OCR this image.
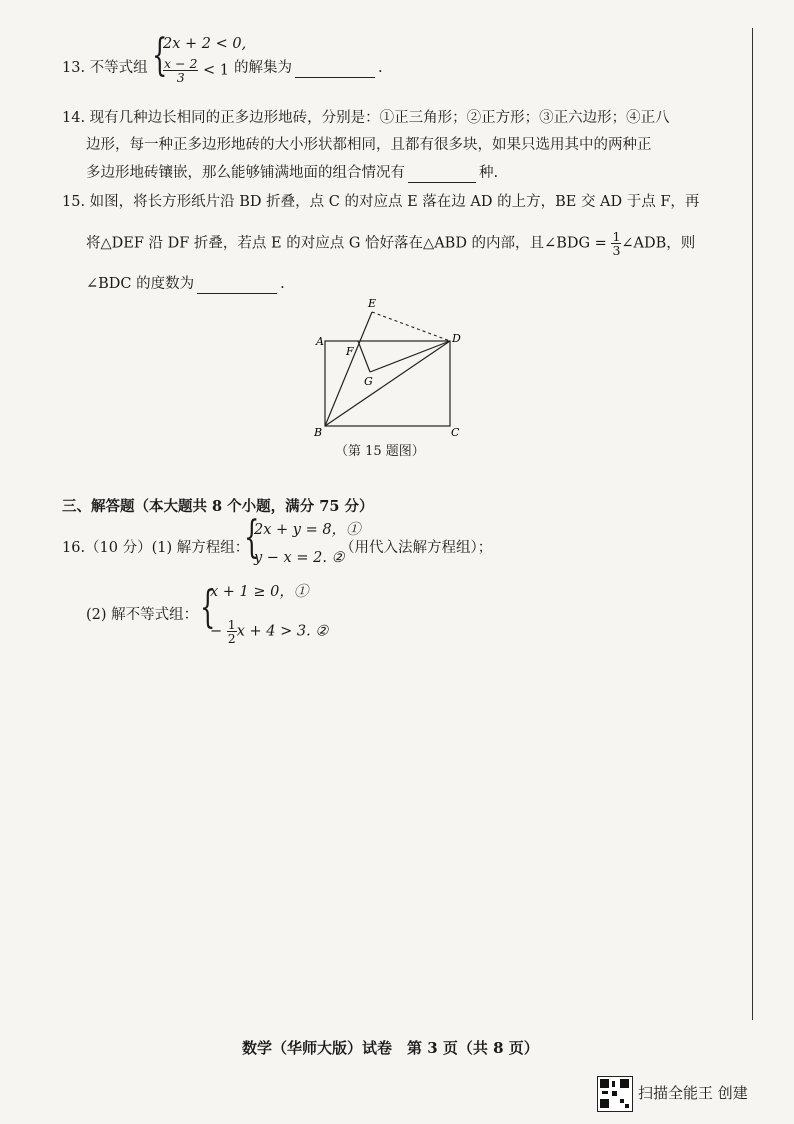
13. 不等式组 {
2x + 2 < 0,
$\frac{x - 2}{3} < 1$ 的解集为	.
14. 现有几种边长相同的正多边形地砖，分别是：①正三角形；②正方形；③正六边形；④正八
边形，每一种正多边形地砖的大小形状都相同，且都有很多块，如果只选用其中的两种正
多边形地砖镶嵌，那么能够铺满地面的组合情况有	种.
15. 如图，将长方形纸片沿 BD 折叠，点 C 的对应点 E 落在边 AD 的上方，BE 交 AD 于点 F，再
将△DEF 沿 DF 折叠，若点 E 的对应点 G 恰好落在△ABD 的内部，且∠BDG = $\frac{1}{3}$ ∠ADB，则
∠BDC 的度数为	.
A
B	C
D
E
F
G
（第 15 题图）
三、解答题（本大题共 8 个小题，满分 75 分）
16.（10 分）(1) 解方程组：
{
2x + y = 8，①
y − x = 2. ②
（用代入法解方程组）；
(2) 解不等式组： {
x + 1 ≥ 0，①
− $\frac{1}{2}$ x + 4 > 3. ②
数学（华师大版）试卷　第 3 页（共 8 页）
扫描全能王 创建
